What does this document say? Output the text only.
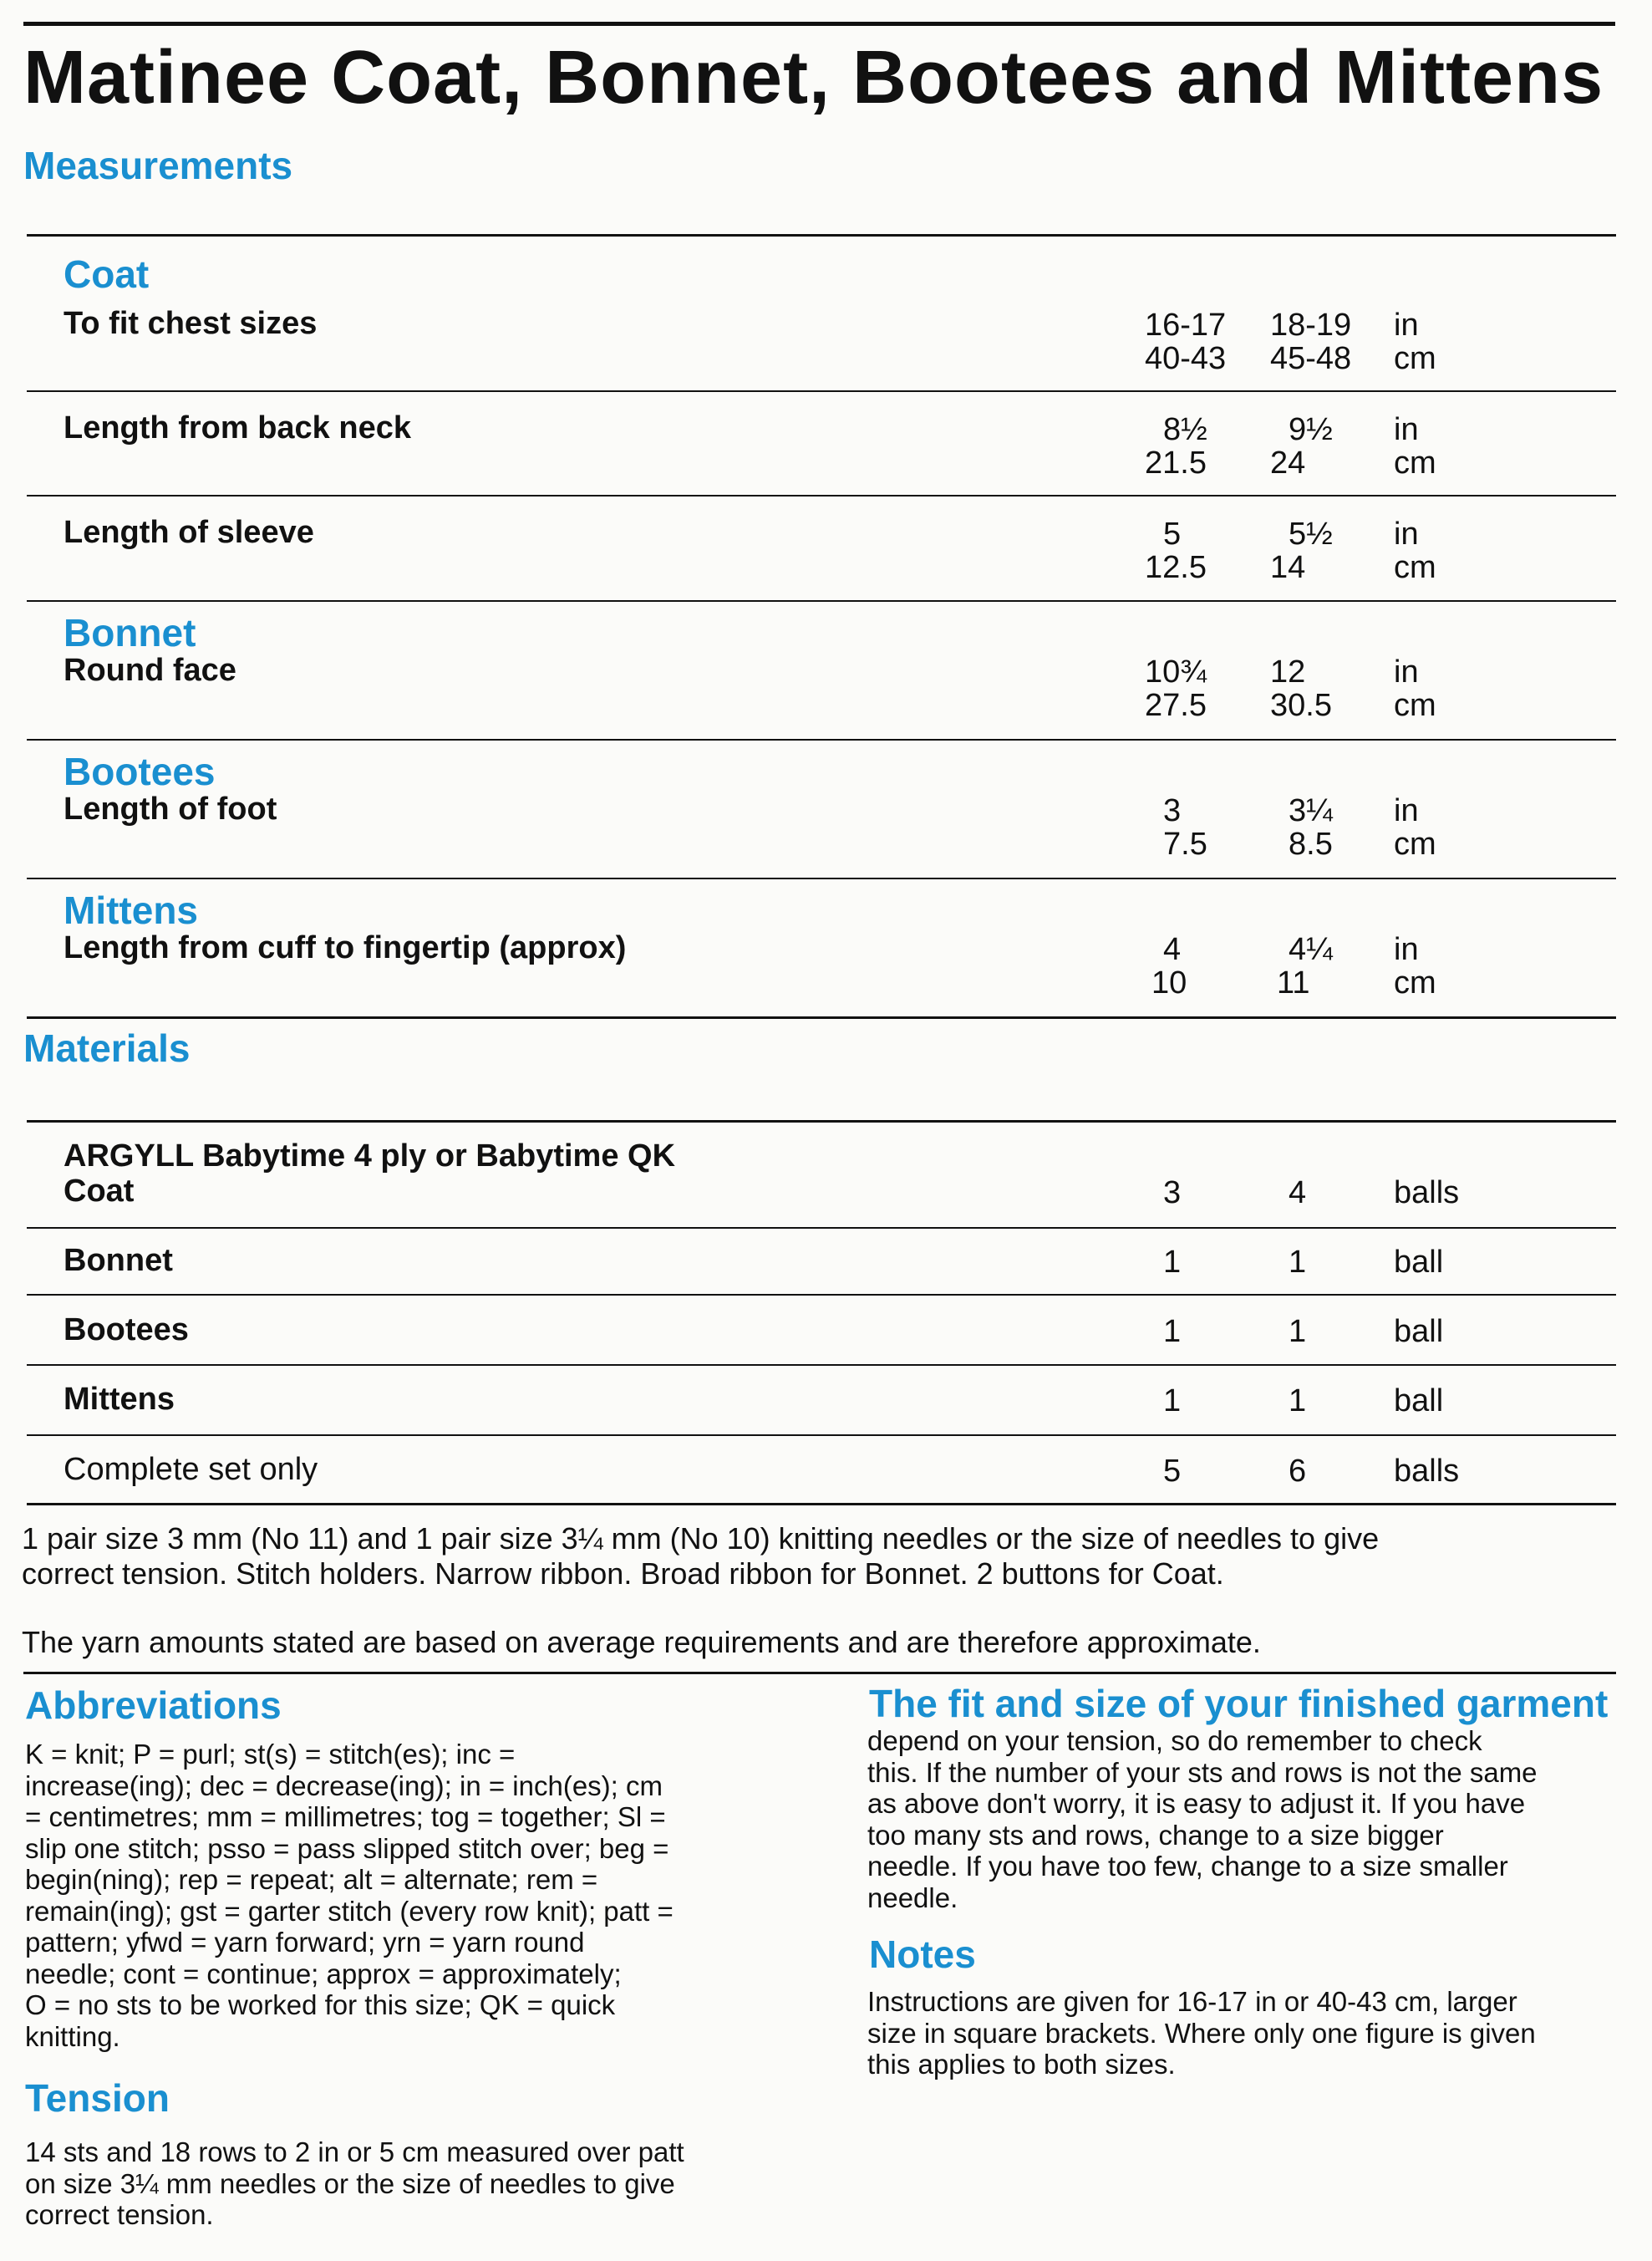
Matinee Coat, Bonnet, Bootees and Mittens
Measurements
Coat
To fit chest sizes	16-17 18-19 in
40-43 45-48 cm
Length from back neck	8½	9½ in
21.5 24	cm
Length of sleeve	5	5½ in
12.5 14	cm
Bonnet
Round face	10¾ 12	in
27.5 30.5 cm
Bootees
Length of foot	3	3¼ in
7.5	8.5 cm
Mittens
Length from cuff to fingertip (approx)	4	4¼ in
10	11	cm
Materials
ARGYLL Babytime 4 ply or Babytime QK
Coat	3	4	balls
Bonnet	1	1	ball
Bootees	1	1	ball
Mittens	1	1	ball
Complete set only	5	6	balls
1 pair size 3 mm (No 11) and 1 pair size 3¼ mm (No 10) knitting needles or the size of needles to give
correct tension. Stitch holders. Narrow ribbon. Broad ribbon for Bonnet. 2 buttons for Coat.
The yarn amounts stated are based on average requirements and are therefore approximate.
Abbreviations
K = knit; P = purl; st(s) = stitch(es); inc =
increase(ing); dec = decrease(ing); in = inch(es); cm
= centimetres; mm = millimetres; tog = together; Sl =
slip one stitch; psso = pass slipped stitch over; beg =
begin(ning); rep = repeat; alt = alternate; rem =
remain(ing); gst = garter stitch (every row knit); patt =
pattern; yfwd = yarn forward; yrn = yarn round
needle; cont = continue; approx = approximately;
O = no sts to be worked for this size; QK = quick
knitting.
Tension
14 sts and 18 rows to 2 in or 5 cm measured over patt
on size 3¼ mm needles or the size of needles to give
correct tension.
The fit and size of your finished garment
depend on your tension, so do remember to check
this. If the number of your sts and rows is not the same
as above don't worry, it is easy to adjust it. If you have
too many sts and rows, change to a size bigger
needle. If you have too few, change to a size smaller
needle.
Notes
Instructions are given for 16-17 in or 40-43 cm, larger
size in square brackets. Where only one figure is given
this applies to both sizes.
